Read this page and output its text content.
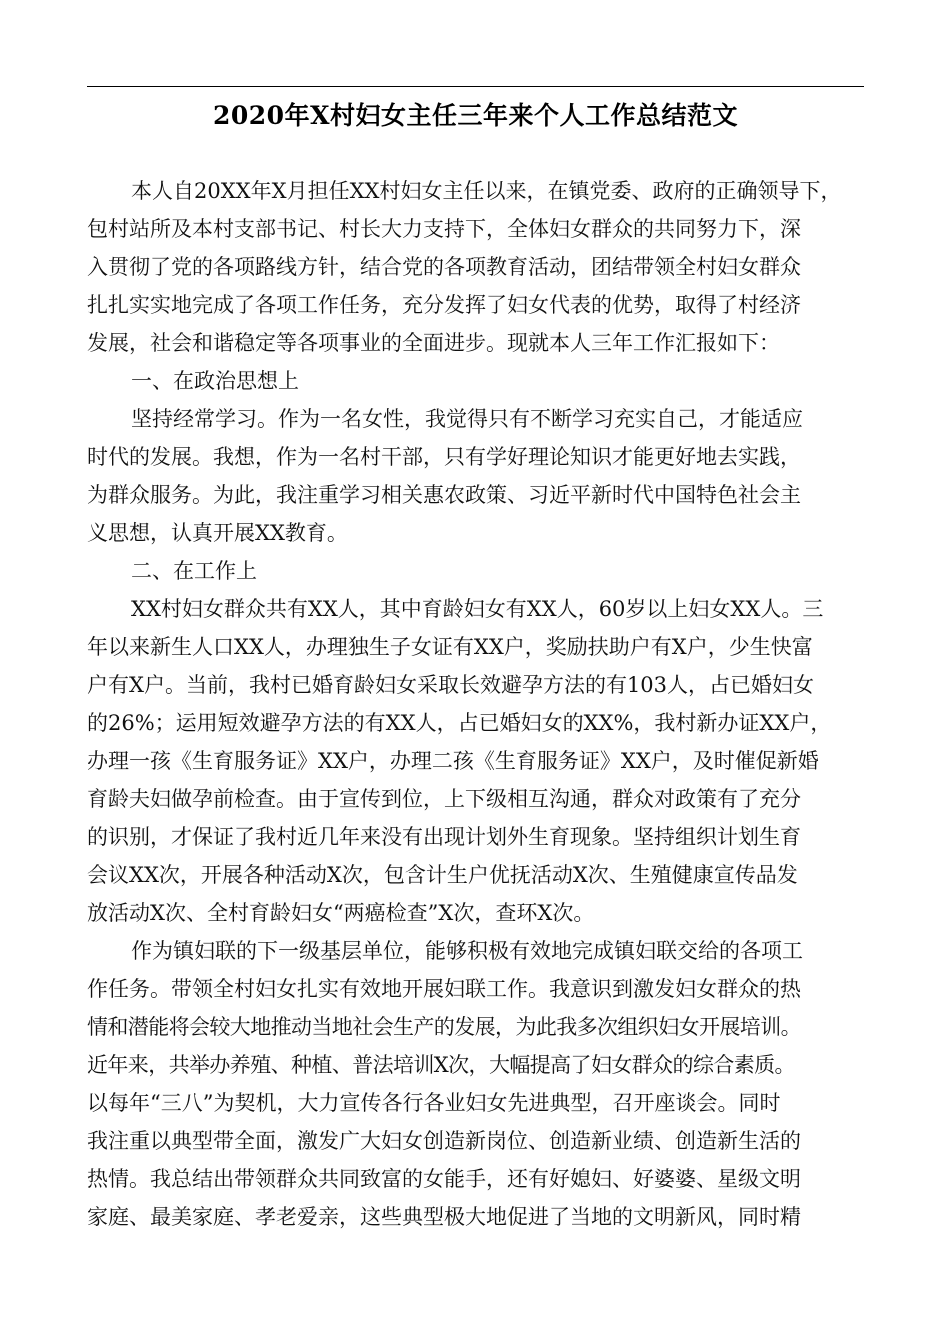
2020年X村妇女主任三年来个人工作总结范文
本人自20XX年X月担任XX村妇女主任以来，在镇党委、政府的正确领导下，
包村站所及本村支部书记、村长大力支持下，全体妇女群众的共同努力下，深
入贯彻了党的各项路线方针，结合党的各项教育活动，团结带领全村妇女群众
扎扎实实地完成了各项工作任务，充分发挥了妇女代表的优势，取得了村经济
发展，社会和谐稳定等各项事业的全面进步。现就本人三年工作汇报如下：
一、在政治思想上
坚持经常学习。作为一名女性，我觉得只有不断学习充实自己，才能适应
时代的发展。我想，作为一名村干部，只有学好理论知识才能更好地去实践，
为群众服务。为此，我注重学习相关惠农政策、习近平新时代中国特色社会主
义思想，认真开展XX教育。
二、在工作上
XX村妇女群众共有XX人，其中育龄妇女有XX人，60岁以上妇女XX人。三
年以来新生人口XX人，办理独生子女证有XX户，奖励扶助户有X户，少生快富
户有X户。当前，我村已婚育龄妇女采取长效避孕方法的有103人，占已婚妇女
的26%；运用短效避孕方法的有XX人，占已婚妇女的XX%，我村新办证XX户，
办理一孩《生育服务证》XX户，办理二孩《生育服务证》XX户，及时催促新婚
育龄夫妇做孕前检查。由于宣传到位，上下级相互沟通，群众对政策有了充分
的识别，才保证了我村近几年来没有出现计划外生育现象。坚持组织计划生育
会议XX次，开展各种活动X次，包含计生户优抚活动X次、生殖健康宣传品发
放活动X次、全村育龄妇女“两癌检查”X次，查环X次。
作为镇妇联的下一级基层单位，能够积极有效地完成镇妇联交给的各项工
作任务。带领全村妇女扎实有效地开展妇联工作。我意识到激发妇女群众的热
情和潜能将会较大地推动当地社会生产的发展，为此我多次组织妇女开展培训。
近年来，共举办养殖、种植、普法培训X次，大幅提高了妇女群众的综合素质。
以每年“三八”为契机，大力宣传各行各业妇女先进典型，召开座谈会。同时
我注重以典型带全面，激发广大妇女创造新岗位、创造新业绩、创造新生活的
热情。我总结出带领群众共同致富的女能手，还有好媳妇、好婆婆、星级文明
家庭、最美家庭、孝老爱亲，这些典型极大地促进了当地的文明新风，同时精
